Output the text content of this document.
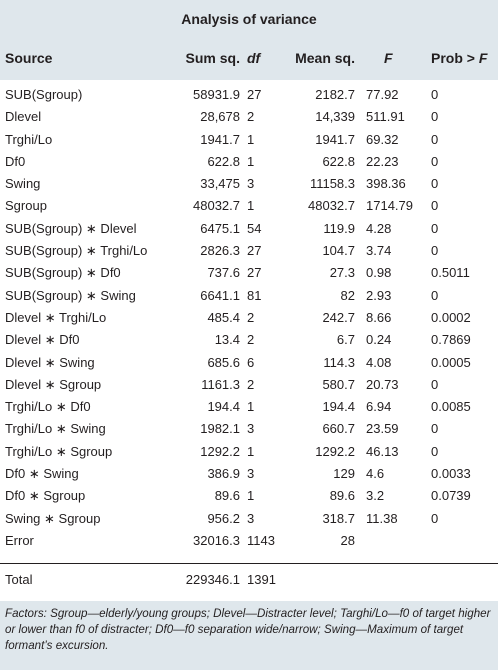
Analysis of variance
Source	Sum sq. df Mean sq. F	Prob > F
SUB(Sgroup)	58931.9 27	2182.7 77.92 0
Dlevel	28,678 2	14,339 511.91 0
Trghi/Lo	1941.7 1	1941.7 69.32 0
Df0	622.8 1	622.8 22.23 0
Swing	33,475 3	11158.3 398.36 0
Sgroup	48032.7 1	48032.7 1714.79 0
SUB(Sgroup) ∗ Dlevel	6475.1 54	119.9 4.28	0
SUB(Sgroup) ∗ Trghi/Lo	2826.3 27	104.7 3.74	0
SUB(Sgroup) ∗ Df0	737.6 27	27.3 0.98	0.5011
SUB(Sgroup) ∗ Swing	6641.1 81	82 2.93	0
Dlevel ∗ Trghi/Lo	485.4 2	242.7 8.66	0.0002
Dlevel ∗ Df0	13.4 2	6.7 0.24	0.7869
Dlevel ∗ Swing	685.6 6	114.3 4.08	0.0005
Dlevel ∗ Sgroup	1161.3 2	580.7 20.73 0
Trghi/Lo ∗ Df0	194.4 1	194.4 6.94	0.0085
Trghi/Lo ∗ Swing	1982.1 3	660.7 23.59 0
Trghi/Lo ∗ Sgroup	1292.2 1	1292.2 46.13 0
Df0 ∗ Swing	386.9 3	129 4.6	0.0033
Df0 ∗ Sgroup	89.6 1	89.6 3.2	0.0739
Swing ∗ Sgroup	956.2 3	318.7 11.38	0
Error	32016.3 1143	28
Total	229346.1 1391

Factors: Sgroup—elderly/young groups; Dlevel—Distracter level; Targhi/Lo—f0 of target higher or lower than f0 of distracter; Df0—f0 separation wide/narrow; Swing—Maximum of target formant’s excursion.
